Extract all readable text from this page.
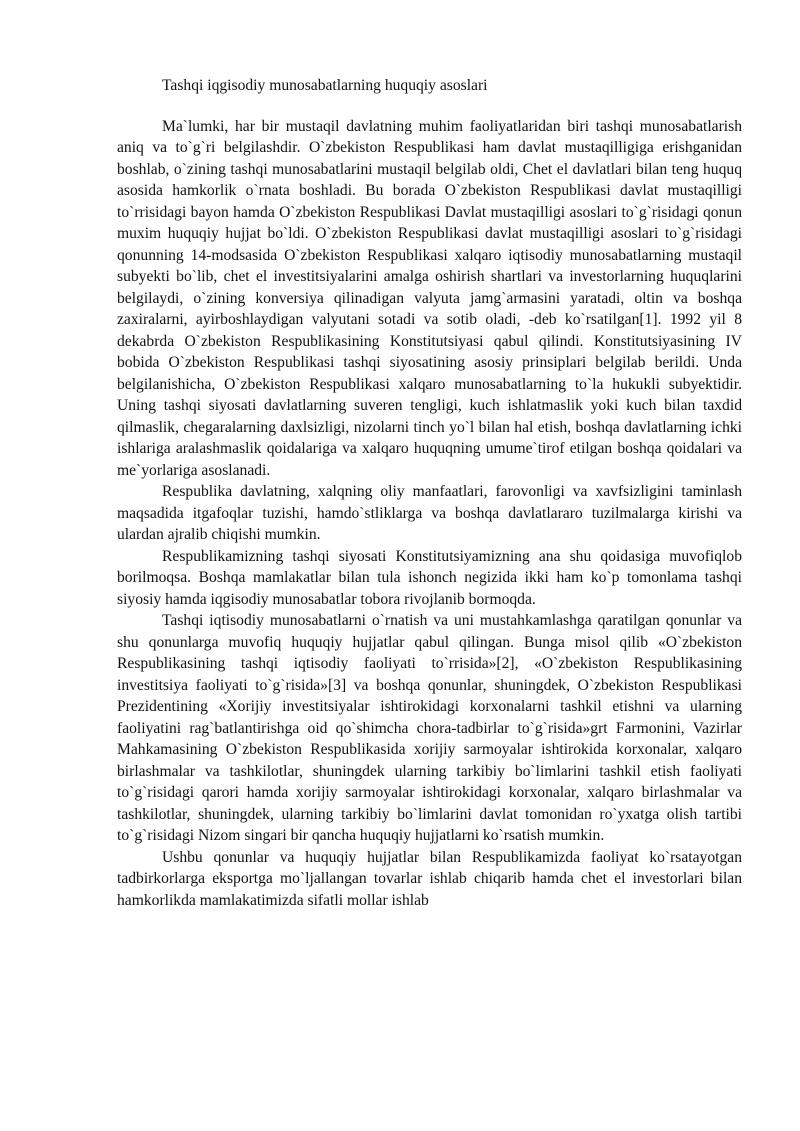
Tashqi iqgisodiy munosabatlarning huquqiy asoslari

Ma`lumki, har bir mustaqil davlatning muhim faoliyatlaridan biri tashqi munosabatlarish aniq va to`g`ri belgilashdir. O`zbekiston Respublikasi ham davlat mustaqilligiga erishganidan boshlab, o`zining tashqi munosabatlarini mustaqil belgilab oldi, Chet el davlatlari bilan teng huquq asosida hamkorlik o`rnata boshladi. Bu borada O`zbekiston Respublikasi davlat mustaqilligi to`rrisidagi bayon hamda O`zbekiston Respublikasi Davlat mustaqilligi asoslari to`g`risidagi qonun muxim huquqiy hujjat bo`ldi. O`zbekiston Respublikasi davlat mustaqilligi asoslari to`g`risidagi qonunning 14-modsasida O`zbekiston Respublikasi xalqaro iqtisodiy munosabatlarning mustaqil subyekti bo`lib, chet el investitsiyalarini amalga oshirish shartlari va investorlarning huquqlarini belgilaydi, o`zining konversiya qilinadigan valyuta jamg`armasini yaratadi, oltin va boshqa zaxiralarni, ayirboshlaydigan valyutani sotadi va sotib oladi, -deb ko`rsatilgan[1]. 1992 yil 8 dekabrda O`zbekiston Respublikasining Konstitutsiyasi qabul qilindi. Konstitutsiyasining IV bobida O`zbekiston Respublikasi tashqi siyosatining asosiy prinsiplari belgilab berildi. Unda belgilanishicha, O`zbekiston Respublikasi xalqaro munosabatlarning to`la hukukli subyektidir. Uning tashqi siyosati davlatlarning suveren tengligi, kuch ishlatmaslik yoki kuch bilan taxdid qilmaslik, chegaralarning daxlsizligi, nizolarni tinch yo`l bilan hal etish, boshqa davlatlarning ichki ishlariga aralashmaslik qoidalariga va xalqaro huquqning umume`tirof etilgan boshqa qoidalari va me`yorlariga asoslanadi.

Respublika davlatning, xalqning oliy manfaatlari, farovonligi va xavfsizligini taminlash maqsadida itgafoqlar tuzishi, hamdo`stliklarga va boshqa davlatlararo tuzilmalarga kirishi va ulardan ajralib chiqishi mumkin.

Respublikamizning tashqi siyosati Konstitutsiyamizning ana shu qoidasiga muvofiqlob borilmoqsa. Boshqa mamlakatlar bilan tula ishonch negizida ikki ham ko`p tomonlama tashqi siyosiy hamda iqgisodiy munosabatlar tobora rivojlanib bormoqda.

Tashqi iqtisodiy munosabatlarni o`rnatish va uni mustahkamlashga qaratilgan qonunlar va shu qonunlarga muvofiq huquqiy hujjatlar qabul qilingan. Bunga misol qilib «O`zbekiston Respublikasining tashqi iqtisodiy faoliyati to`rrisida»[2], «O`zbekiston Respublikasining investitsiya faoliyati to`g`risida»[3] va boshqa qonunlar, shuningdek, O`zbekiston Respublikasi Prezidentining «Xorijiy investitsiyalar ishtirokidagi korxonalarni tashkil etishni va ularning faoliyatini rag`batlantirishga oid qo`shimcha chora-tadbirlar to`g`risida»grt Farmonini, Vazirlar Mahkamasining O`zbekiston Respublikasida xorijiy sarmoyalar ishtirokida korxonalar, xalqaro birlashmalar va tashkilotlar, shuningdek ularning tarkibiy bo`limlarini tashkil etish faoliyati to`g`risidagi qarori hamda xorijiy sarmoyalar ishtirokidagi korxonalar, xalqaro birlashmalar va tashkilotlar, shuningdek, ularning tarkibiy bo`limlarini davlat tomonidan ro`yxatga olish tartibi to`g`risidagi Nizom singari bir qancha huquqiy hujjatlarni ko`rsatish mumkin.

Ushbu qonunlar va huquqiy hujjatlar bilan Respublikamizda faoliyat ko`rsatayotgan tadbirkorlarga eksportga mo`ljallangan tovarlar ishlab chiqarib hamda chet el investorlari bilan hamkorlikda mamlakatimizda sifatli mollar ishlab
